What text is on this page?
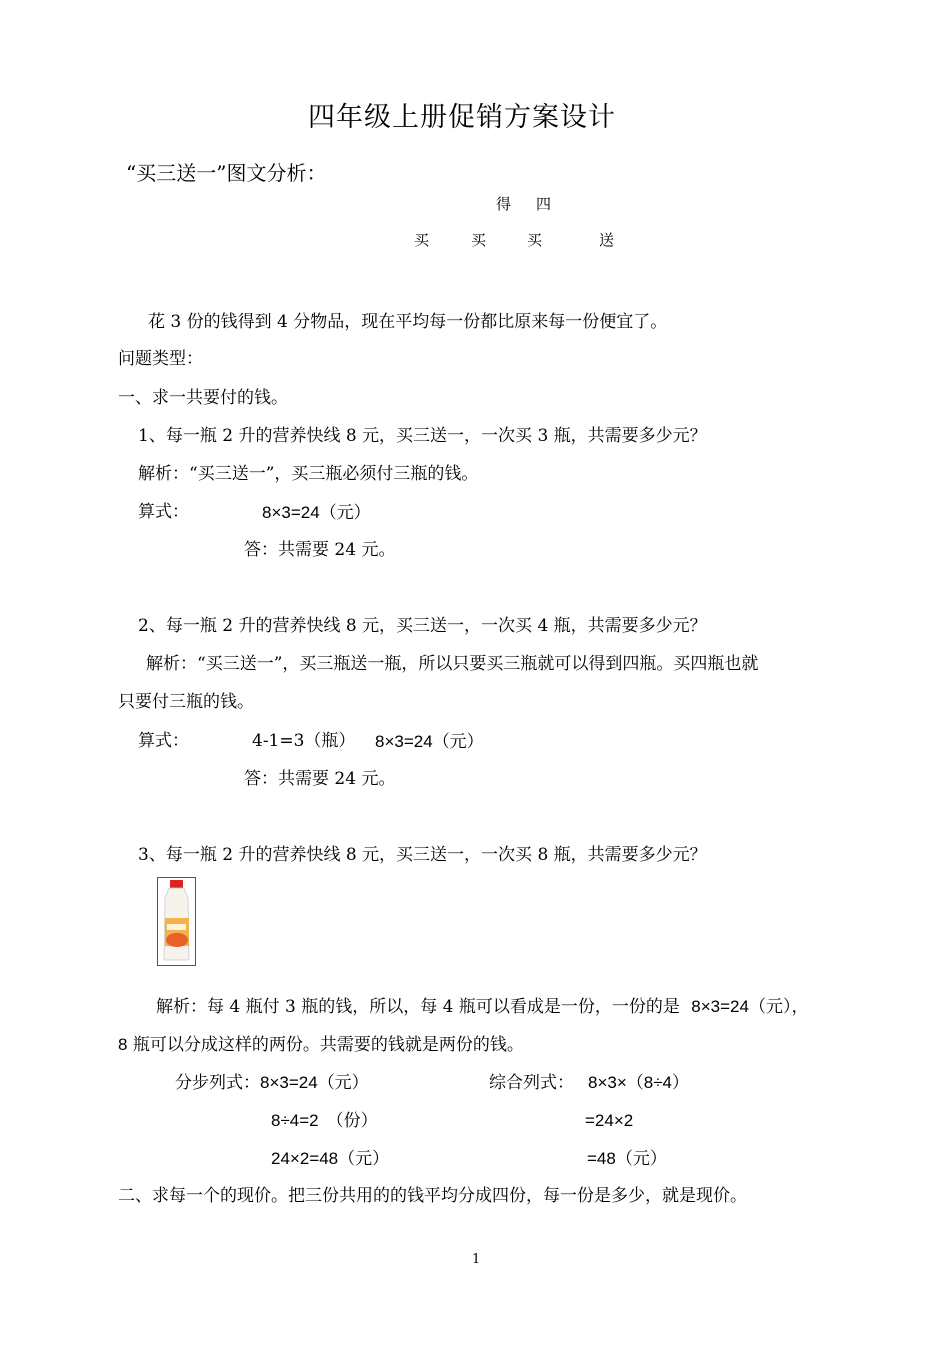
四年级上册促销方案设计
“买三送一”图文分析：
得 四
买	买	买	送
花 3 份的钱得到 4 分物品，现在平均每一份都比原来每一份便宜了。
问题类型：
一、求一共要付的钱。
1、每一瓶 2 升的营养快线 8 元，买三送一，一次买 3 瓶，共需要多少元？
解析：“买三送一”，买三瓶必须付三瓶的钱。
算式：	8×3=24（元）
答：共需要 24 元。
2、每一瓶 2 升的营养快线 8 元，买三送一，一次买 4 瓶，共需要多少元？
解析：“买三送一”，买三瓶送一瓶，所以只要买三瓶就可以得到四瓶。买四瓶也就
只要付三瓶的钱。
算式：	4-1=3（瓶） 8×3=24（元）
答：共需要 24 元。
3、每一瓶 2 升的营养快线 8 元，买三送一，一次买 8 瓶，共需要多少元？
解析：每 4 瓶付 3 瓶的钱，所以，每 4 瓶可以看成是一份，一份的是 8×3=24（元），
8 瓶可以分成这样的两份。共需要的钱就是两份的钱。
分步列式：8×3=24（元）
8÷4=2 （份）
24×2=48（元）
综合列式： 8×3×（8÷4）
=24×2
=48（元）
二、求每一个的现价。把三份共用的的钱平均分成四份，每一份是多少，就是现价。
1
